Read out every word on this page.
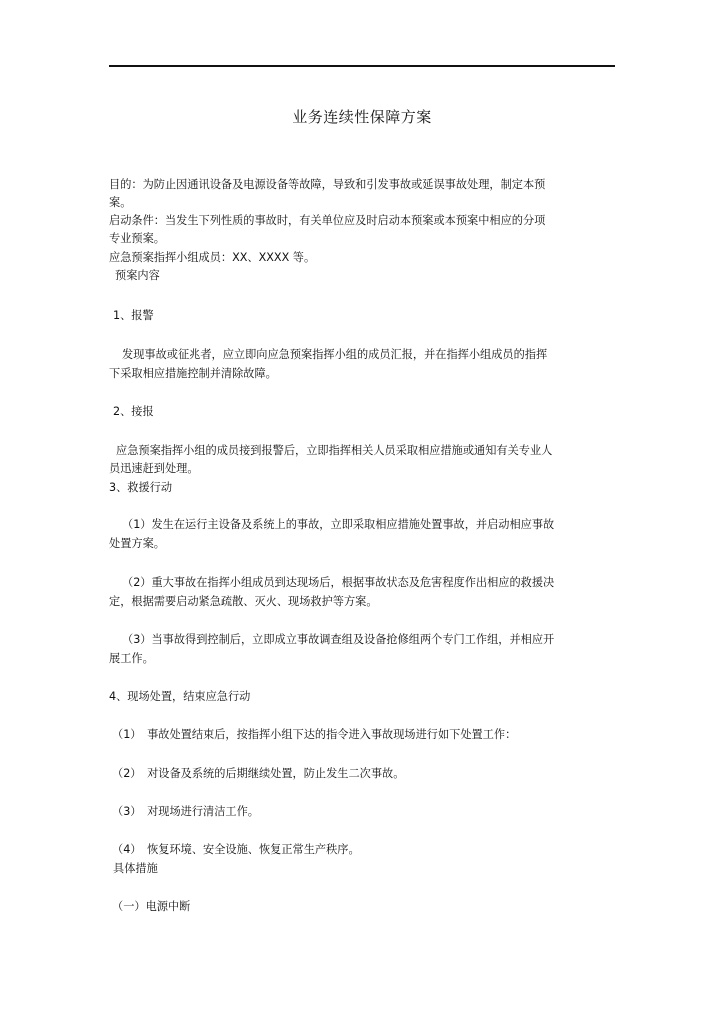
业务连续性保障方案
目的：为防止因通讯设备及电源设备等故障，导致和引发事故或延误事故处理，制定本预
案。
启动条件：当发生下列性质的事故时，有关单位应及时启动本预案或本预案中相应的分项
专业预案。
应急预案指挥小组成员：XX、XXXX 等。
预案内容
1、报警
发现事故或征兆者，应立即向应急预案指挥小组的成员汇报，并在指挥小组成员的指挥
下采取相应措施控制并清除故障。
2、接报
应急预案指挥小组的成员接到报警后，立即指挥相关人员采取相应措施或通知有关专业人
员迅速赶到处理。
3、救援行动
（1）发生在运行主设备及系统上的事故，立即采取相应措施处置事故，并启动相应事故
处置方案。
（2）重大事故在指挥小组成员到达现场后，根据事故状态及危害程度作出相应的救援决
定，根据需要启动紧急疏散、灭火、现场救护等方案。
（3）当事故得到控制后，立即成立事故调查组及设备抢修组两个专门工作组，并相应开
展工作。
4、现场处置，结束应急行动
（1）　事故处置结束后，按指挥小组下达的指令进入事故现场进行如下处置工作：
（2）　对设备及系统的后期继续处置，防止发生二次事故。
（3）　对现场进行清洁工作。
（4）　恢复环境、安全设施、恢复正常生产秩序。
具体措施
（一）电源中断
